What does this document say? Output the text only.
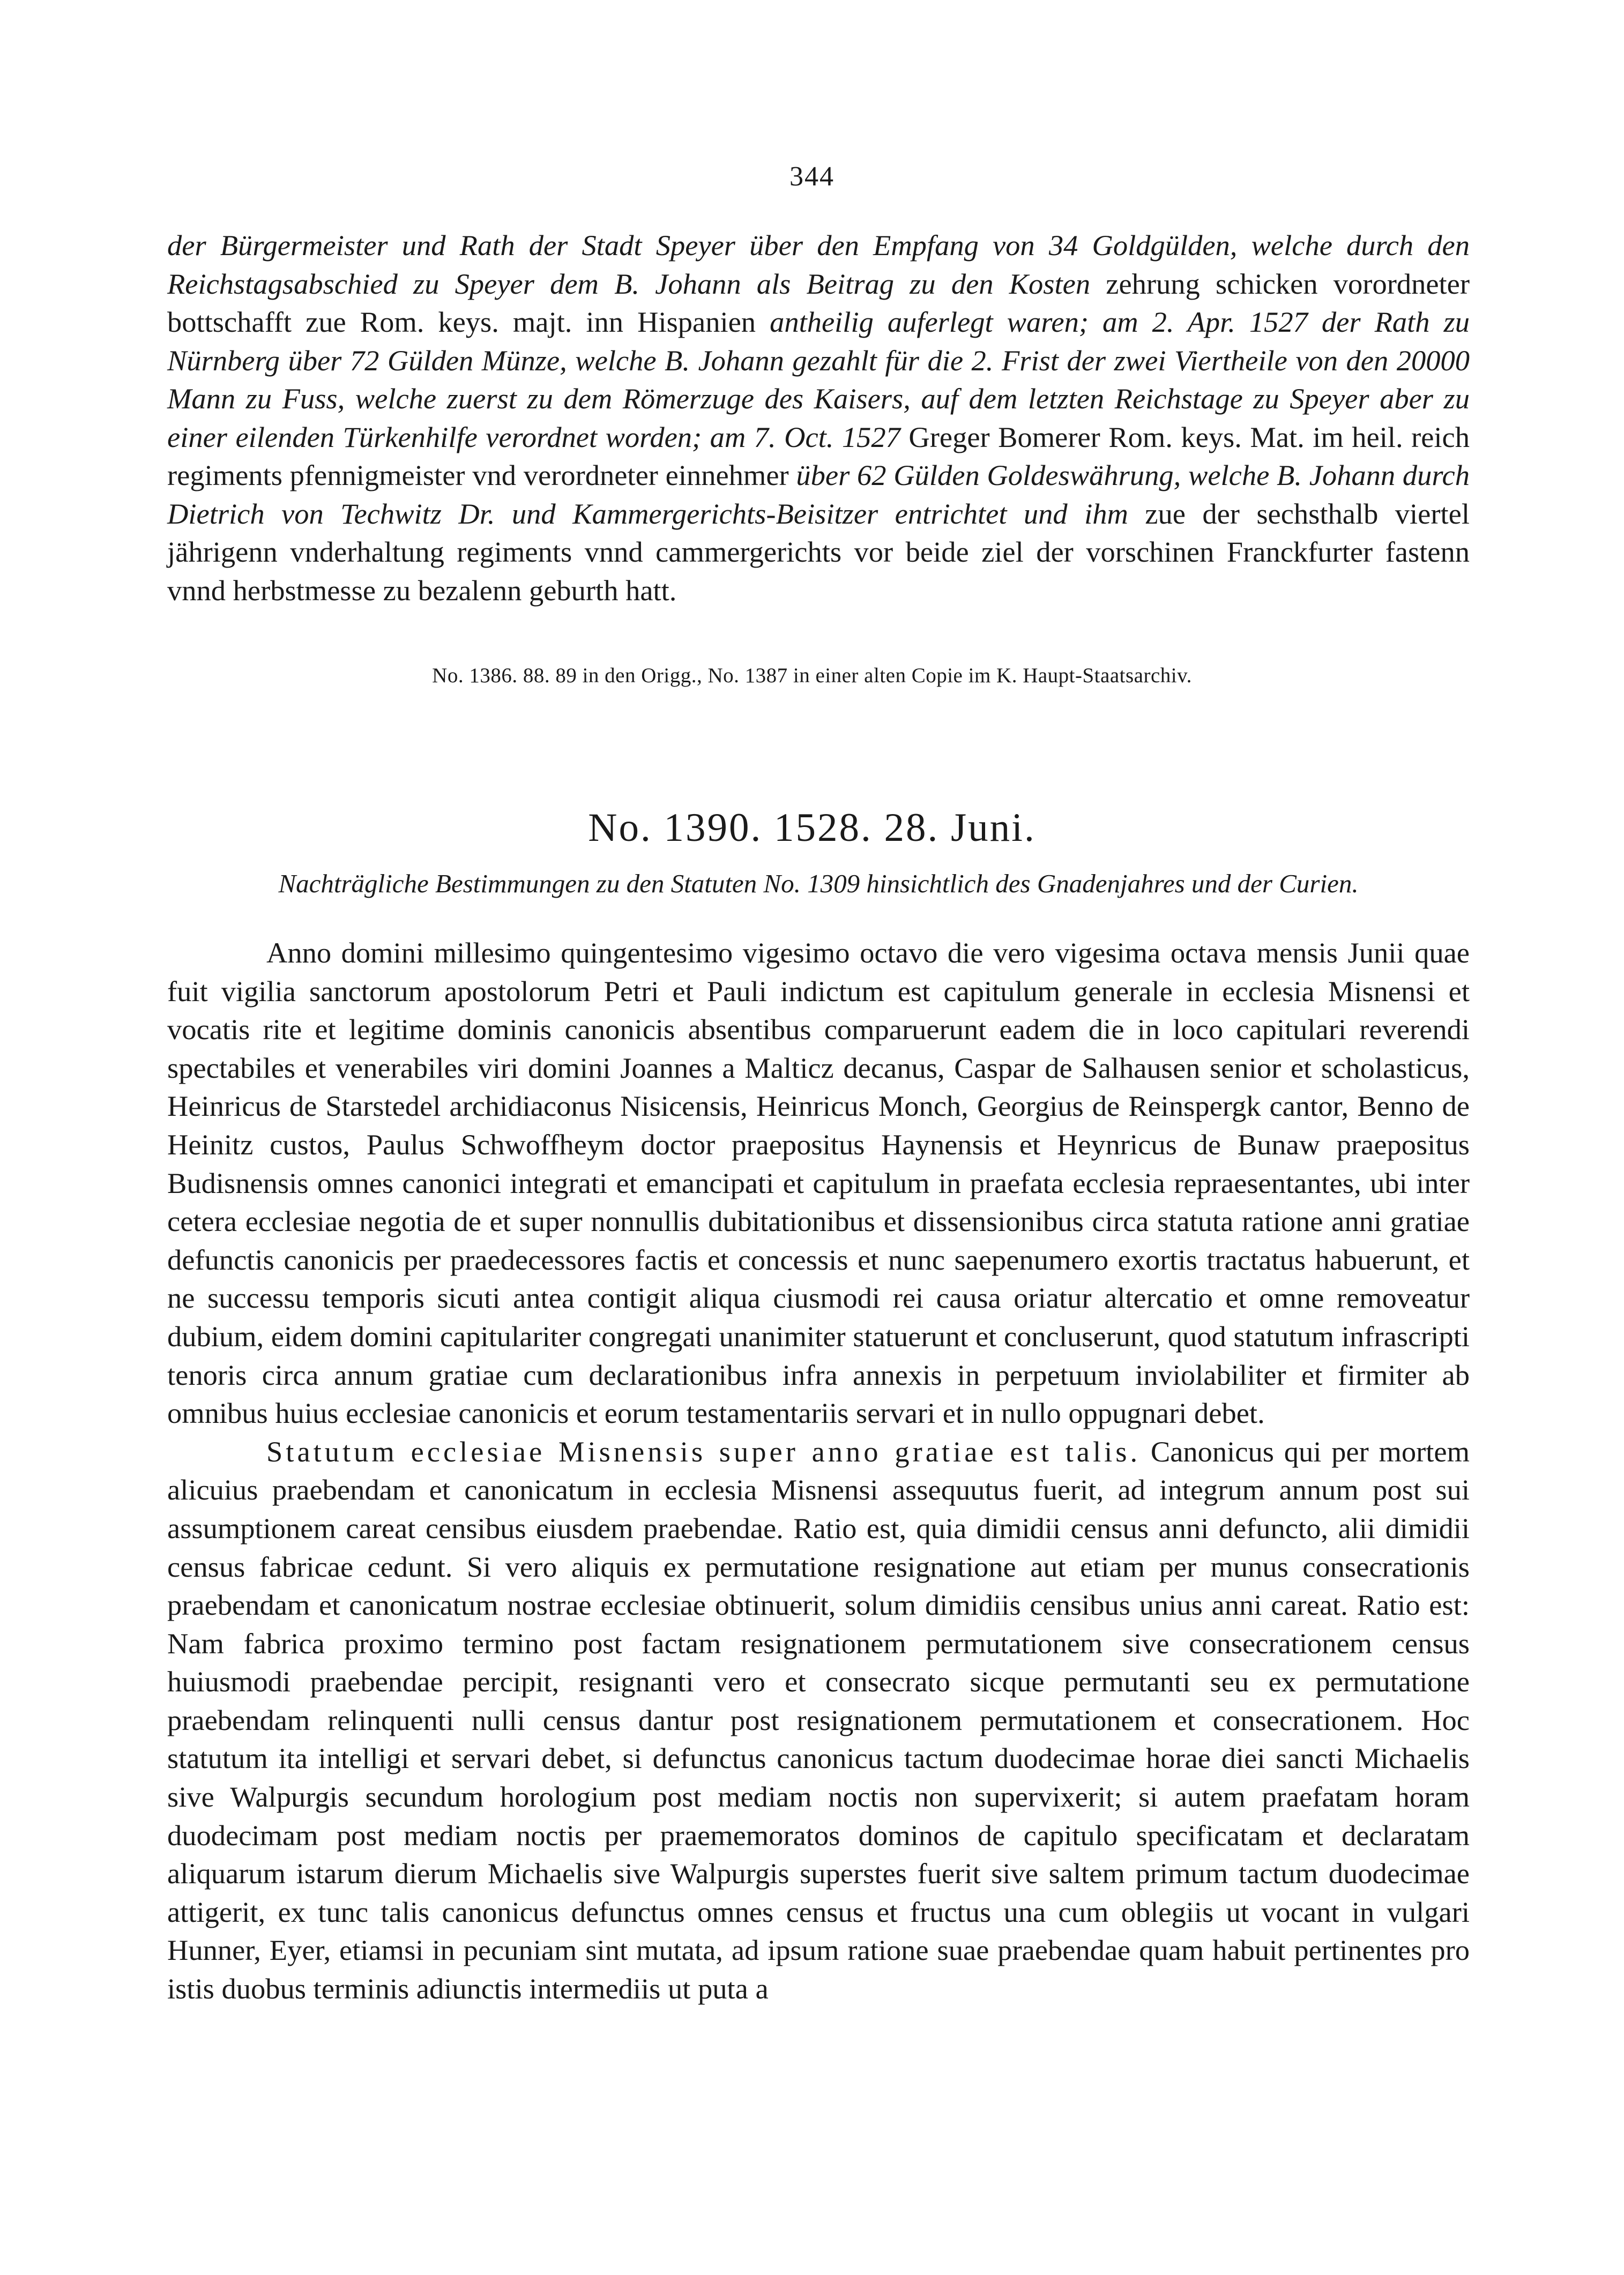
344
der Bürgermeister und Rath der Stadt Speyer über den Empfang von 34 Goldgülden, welche durch den Reichstagsabschied zu Speyer dem B. Johann als Beitrag zu den Kosten zehrung schicken vorordneter bottschafft zue Rom. keys. majt. inn Hispanien antheilig auferlegt waren; am 2. Apr. 1527 der Rath zu Nürnberg über 72 Gülden Münze, welche B. Johann gezahlt für die 2. Frist der zwei Viertheile von den 20000 Mann zu Fuss, welche zuerst zu dem Römerzuge des Kaisers, auf dem letzten Reichstage zu Speyer aber zu einer eilenden Türkenhilfe verordnet worden; am 7. Oct. 1527 Greger Bomerer Rom. keys. Mat. im heil. reich regiments pfennigmeister vnd verordneter einnehmer über 62 Gülden Goldeswährung, welche B. Johann durch Dietrich von Techwitz Dr. und Kammergerichts-Beisitzer entrichtet und ihm zue der sechsthalb viertel jährigenn vnderhaltung regiments vnnd cammergerichts vor beide ziel der vorschinen Franckfurter fastenn vnnd herbstmesse zu bezalenn geburth hatt.
No. 1386. 88. 89 in den Origg., No. 1387 in einer alten Copie im K. Haupt-Staatsarchiv.
No. 1390. 1528. 28. Juni.
Nachträgliche Bestimmungen zu den Statuten No. 1309 hinsichtlich des Gnadenjahres und der Curien.

Anno domini millesimo quingentesimo vigesimo octavo die vero vigesima octava mensis Junii quae fuit vigilia sanctorum apostolorum Petri et Pauli indictum est capitulum generale in ecclesia Misnensi et vocatis rite et legitime dominis canonicis absentibus comparuerunt eadem die in loco capitulari reverendi spectabiles et venerabiles viri domini Joannes a Malticz decanus, Caspar de Salhausen senior et scholasticus, Heinricus de Starstedel archidiaconus Nisicensis, Heinricus Monch, Georgius de Reinspergk cantor, Benno de Heinitz custos, Paulus Schwoffheym doctor praepositus Haynensis et Heynricus de Bunaw praepositus Budisnensis omnes canonici integrati et emancipati et capitulum in praefata ecclesia repraesentantes, ubi inter cetera ecclesiae negotia de et super nonnullis dubitationibus et dissensionibus circa statuta ratione anni gratiae defunctis canonicis per praedecessores factis et concessis et nunc saepenumero exortis tractatus habuerunt, et ne successu temporis sicuti antea contigit aliqua ciusmodi rei causa oriatur altercatio et omne removeatur dubium, eidem domini capitulariter congregati unanimiter statuerunt et concluserunt, quod statutum infrascripti tenoris circa annum gratiae cum declarationibus infra annexis in perpetuum inviolabiliter et firmiter ab omnibus huius ecclesiae canonicis et eorum testamentariis servari et in nullo oppugnari debet.

Statutum ecclesiae Misnensis super anno gratiae est talis. Canonicus qui per mortem alicuius praebendam et canonicatum in ecclesia Misnensi assequutus fuerit, ad integrum annum post sui assumptionem careat censibus eiusdem praebendae. Ratio est, quia dimidii census anni defuncto, alii dimidii census fabricae cedunt. Si vero aliquis ex permutatione resignatione aut etiam per munus consecrationis praebendam et canonicatum nostrae ecclesiae obtinuerit, solum dimidiis censibus unius anni careat. Ratio est: Nam fabrica proximo termino post factam resignationem permutationem sive consecrationem census huiusmodi praebendae percipit, resignanti vero et consecrato sicque permutanti seu ex permutatione praebendam relinquenti nulli census dantur post resignationem permutationem et consecrationem. Hoc statutum ita intelligi et servari debet, si defunctus canonicus tactum duodecimae horae diei sancti Michaelis sive Walpurgis secundum horologium post mediam noctis non supervixerit; si autem praefatam horam duodecimam post mediam noctis per praememoratos dominos de capitulo specificatam et declaratam aliquarum istarum dierum Michaelis sive Walpurgis superstes fuerit sive saltem primum tactum duodecimae attigerit, ex tunc talis canonicus defunctus omnes census et fructus una cum oblegiis ut vocant in vulgari Hunner, Eyer, etiamsi in pecuniam sint mutata, ad ipsum ratione suae praebendae quam habuit pertinentes pro istis duobus terminis adiunctis intermediis ut puta a
